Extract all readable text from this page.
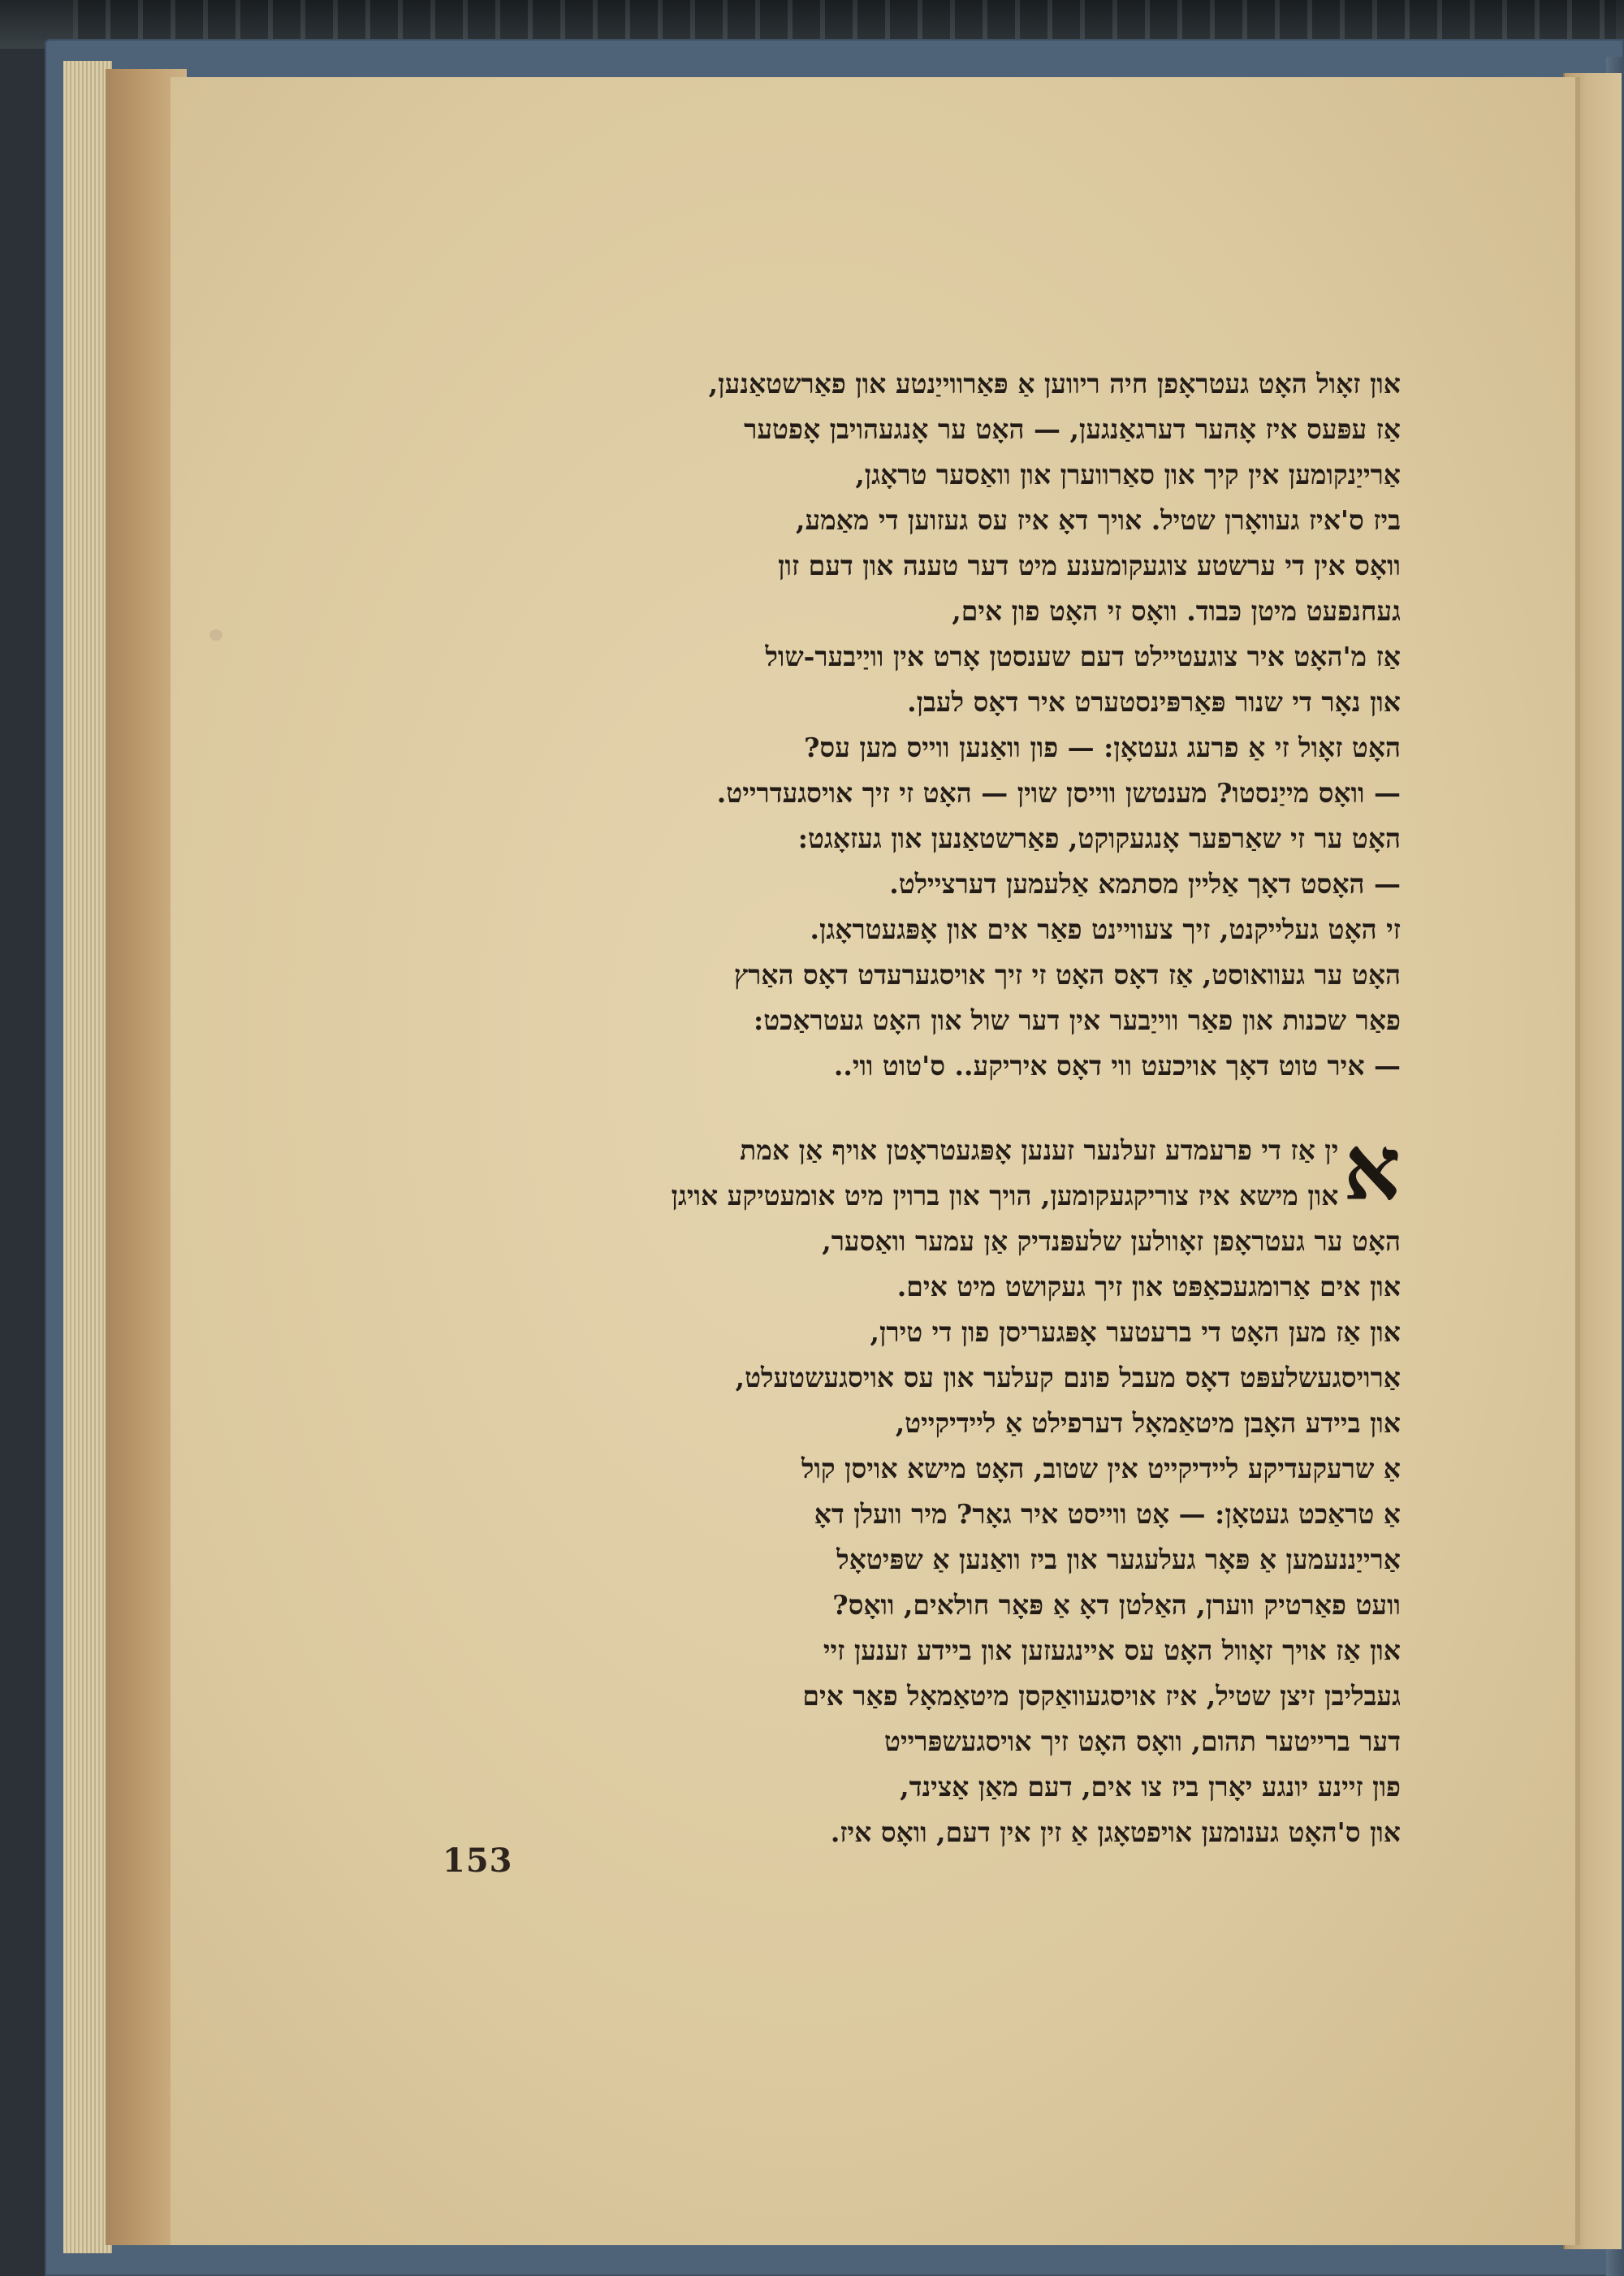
און זאָול האָט געטראָפן חיה ריווען אַ פּאַרווייַנטע און פאַרשטאַנען,
אַז עפּעס איז אָהער דערגאַנגען, — האָט ער אָנגעהויבן אָפטער
אַרייַנקומען אין קיך און סאַרווערן און וואַסער טראָגן,
ביז ס'איז געוואָרן שטיל. אויך דאָ איז עס געזוען די מאַמע,
וואָס אין די ערשטע צוגעקומענע מיט דער טענה און דעם זון
געחנפעט מיטן כּבוד. וואָס זי האָט פון אים,
אַז מ'האָט איר צוגעטיילט דעם שענסטן אָרט אין וויַיבער-שול
און נאָר די שנור פּאַרפּינסטערט איר דאָס לעבן.
האָט זאָול זי אַ פרעג געטאָן: — פון וואַנען ווייס מען עס?
— וואָס מייַנסטו? מענטשן ווייסן שוין — האָט זי זיך אויסגעדרייט.
האָט ער זי שאַרפער אָנגעקוקט, פאַרשטאַנען און געזאָגט:
— האָסט דאָך אַליין מסתמא אַלעמען דערציילט.
זי האָט געלייקנט, זיך צעוויינט פאַר אים און אָפּגעטראָגן.
האָט ער געוואוסט, אַז דאָס האָט זי זיך אויסגערעדט דאָס האַרץ
פאַר שכנות און פאַר ווייַבער אין דער שול און האָט געטראַכט:
— איר טוט דאָך אויכעט ווי דאָס איריקע.. ס'טוט ווי..
א
ין אַז די פרעמדע זעלנער זענען אָפּגעטראָטן אויף אַן אמת
און מישא איז צוריקגעקומען, הויך און ברוין מיט אומעטיקע אויגן
האָט ער געטראָפן זאָוולען שלעפּנדיק אַן עמער וואַסער,
און אים אַרומגעכאַפּט און זיך געקושט מיט אים.
און אַז מען האָט די ברעטער אָפּגעריסן פון די טירן,
אַרויסגעשלעפּט דאָס מעבל פונם קעלער און עס אויסגעשטעלט,
און ביידע האָבן מיטאַמאָל דערפילט אַ ליידיקייט,
אַ שרעקעדיקע ליידיקייט אין שטוב, האָט מישא אויסן קול
אַ טראַכט געטאָן: — אָט ווייסט איר גאָר? מיר וועלן דאָ
אַרייַננעמען אַ פּאָר געלעגער און ביז וואַנען אַ שפּיטאָל
וועט פאַרטיק ווערן, האַלטן דאָ אַ פּאָר חולאים, וואָס?
און אַז אויך זאָוול האָט עס איינגעזען און ביידע זענען זיי
געבליבן זיצן שטיל, איז אויסגעוואַקסן מיטאַמאָל פאַר אים
דער ברייטער תהום, וואָס האָט זיך אויסגעשפּרייט
פון זיינע יונגע יאָרן ביז צו אים, דעם מאַן אַצינד,
און ס'האָט גענומען אויפטאָגן אַ זין אין דעם, וואָס איז.
153
